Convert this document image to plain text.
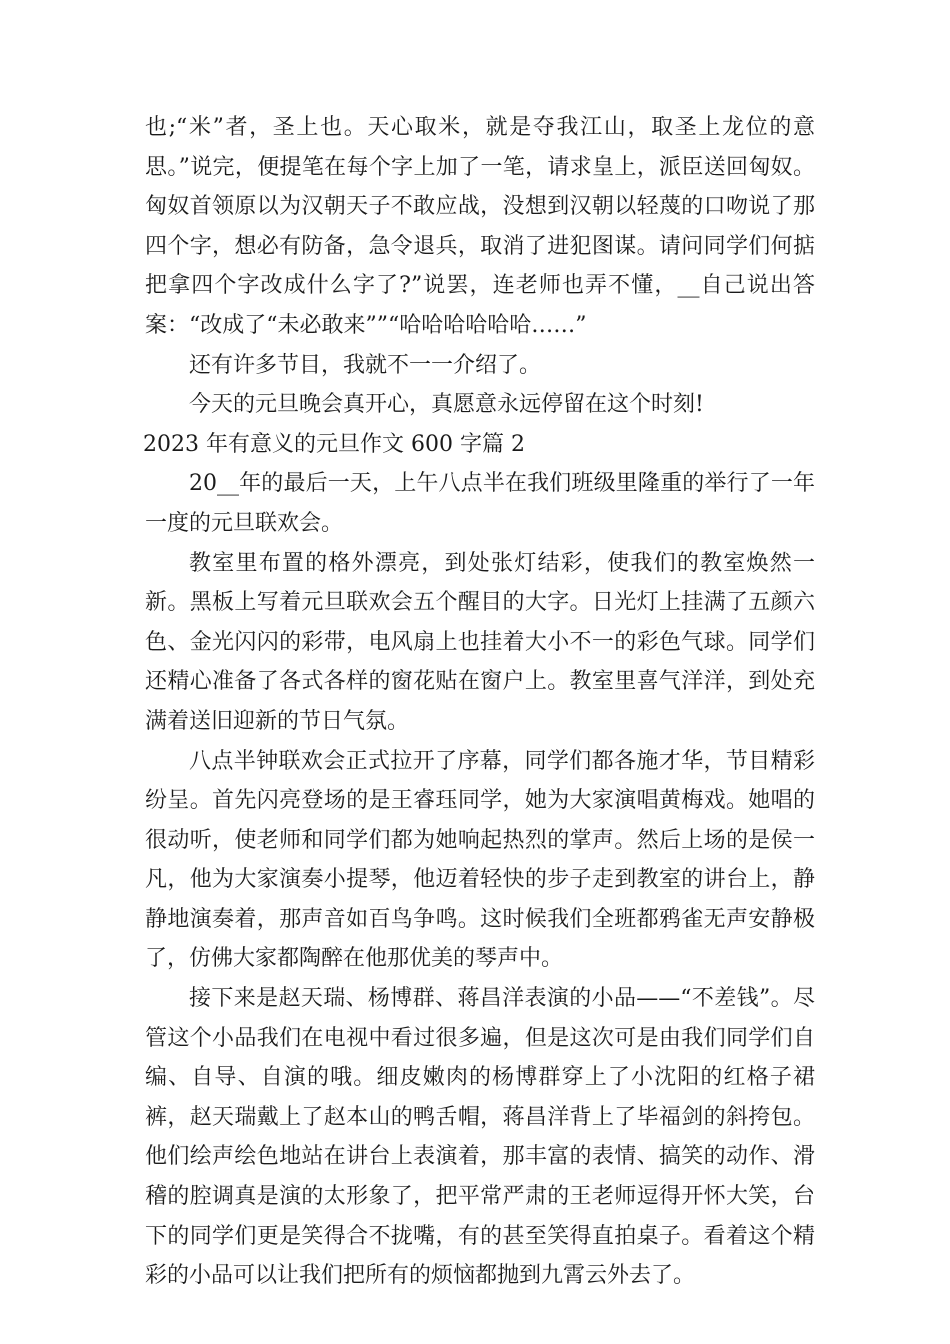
也;“米”者，圣上也。天心取米，就是夺我江山，取圣上龙位的意思。”说完，便提笔在每个字上加了一笔，请求皇上，派臣送回匈奴。匈奴首领原以为汉朝天子不敢应战，没想到汉朝以轻蔑的口吻说了那四个字，想必有防备，急令退兵，取消了进犯图谋。请问同学们何掂把拿四个字改成什么字了?”说罢，连老师也弄不懂，__自己说出答案：“改成了“未必敢来””“哈哈哈哈哈哈……”

还有许多节目，我就不一一介绍了。

今天的元旦晚会真开心，真愿意永远停留在这个时刻!

2023 年有意义的元旦作文 600 字篇 2

20__年的最后一天，上午八点半在我们班级里隆重的举行了一年一度的元旦联欢会。

教室里布置的格外漂亮，到处张灯结彩，使我们的教室焕然一新。黑板上写着元旦联欢会五个醒目的大字。日光灯上挂满了五颜六色、金光闪闪的彩带，电风扇上也挂着大小不一的彩色气球。同学们还精心准备了各式各样的窗花贴在窗户上。教室里喜气洋洋，到处充满着送旧迎新的节日气氛。

八点半钟联欢会正式拉开了序幕，同学们都各施才华，节目精彩纷呈。首先闪亮登场的是王睿珏同学，她为大家演唱黄梅戏。她唱的很动听，使老师和同学们都为她响起热烈的掌声。然后上场的是侯一凡，他为大家演奏小提琴，他迈着轻快的步子走到教室的讲台上，静静地演奏着，那声音如百鸟争鸣。这时候我们全班都鸦雀无声安静极了，仿佛大家都陶醉在他那优美的琴声中。

接下来是赵天瑞、杨博群、蒋昌洋表演的小品——“不差钱”。尽管这个小品我们在电视中看过很多遍，但是这次可是由我们同学们自编、自导、自演的哦。细皮嫩肉的杨博群穿上了小沈阳的红格子裙裤，赵天瑞戴上了赵本山的鸭舌帽，蒋昌洋背上了毕福剑的斜挎包。他们绘声绘色地站在讲台上表演着，那丰富的表情、搞笑的动作、滑稽的腔调真是演的太形象了，把平常严肃的王老师逗得开怀大笑，台下的同学们更是笑得合不拢嘴，有的甚至笑得直拍桌子。看着这个精彩的小品可以让我们把所有的烦恼都抛到九霄云外去了。
